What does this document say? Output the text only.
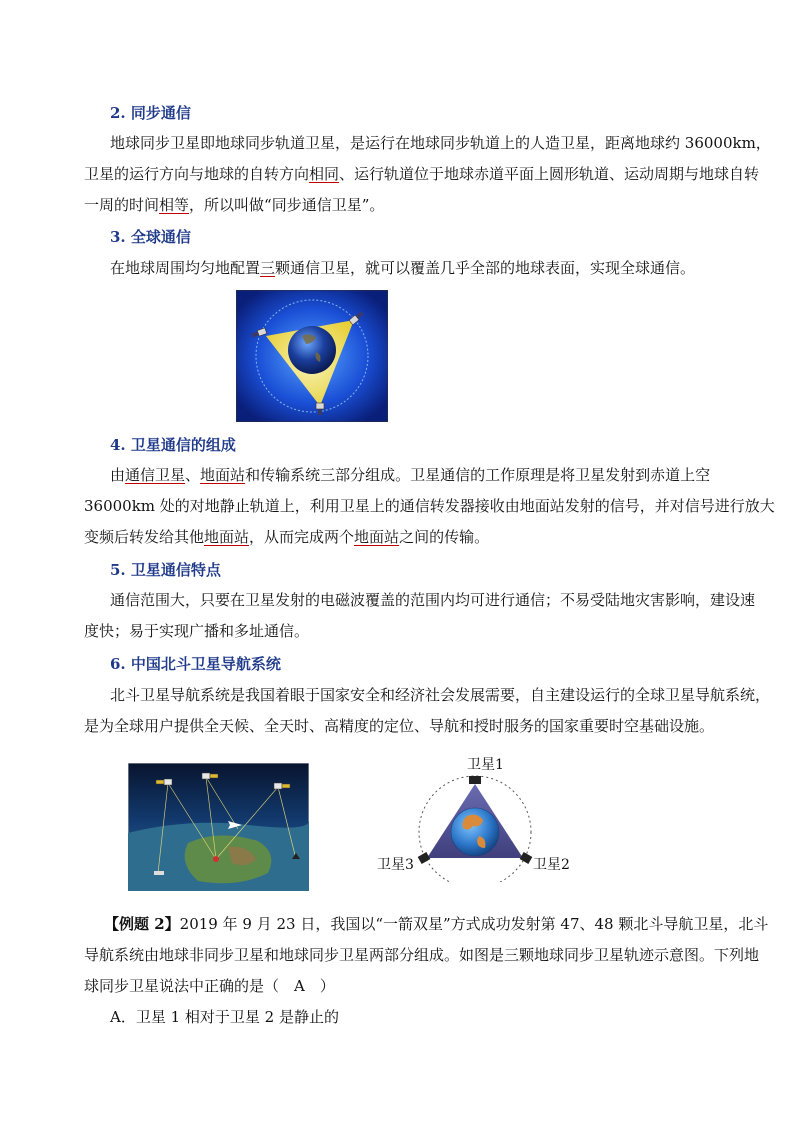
2. 同步通信
地球同步卫星即地球同步轨道卫星，是运行在地球同步轨道上的人造卫星，距离地球约 36000km，
卫星的运行方向与地球的自转方向相同、运行轨道位于地球赤道平面上圆形轨道、运动周期与地球自转
一周的时间相等，所以叫做“同步通信卫星”。
3. 全球通信
在地球周围均匀地配置三颗通信卫星，就可以覆盖几乎全部的地球表面，实现全球通信。
4. 卫星通信的组成
由通信卫星、地面站和传输系统三部分组成。卫星通信的工作原理是将卫星发射到赤道上空
36000km 处的对地静止轨道上，利用卫星上的通信转发器接收由地面站发射的信号，并对信号进行放大
变频后转发给其他地面站，从而完成两个地面站之间的传输。
5. 卫星通信特点
通信范围大，只要在卫星发射的电磁波覆盖的范围内均可进行通信；不易受陆地灾害影响，建设速
度快；易于实现广播和多址通信。
6. 中国北斗卫星导航系统
北斗卫星导航系统是我国着眼于国家安全和经济社会发展需要，自主建设运行的全球卫星导航系统，
是为全球用户提供全天候、全天时、高精度的定位、导航和授时服务的国家重要时空基础设施。
卫星1
卫星2
卫星3
【例题 2】2019 年 9 月 23 日，我国以“一箭双星”方式成功发射第 47、48 颗北斗导航卫星，北斗
导航系统由地球非同步卫星和地球同步卫星两部分组成。如图是三颗地球同步卫星轨迹示意图。下列地
球同步卫星说法中正确的是（　A　）
A．卫星 1 相对于卫星 2 是静止的
